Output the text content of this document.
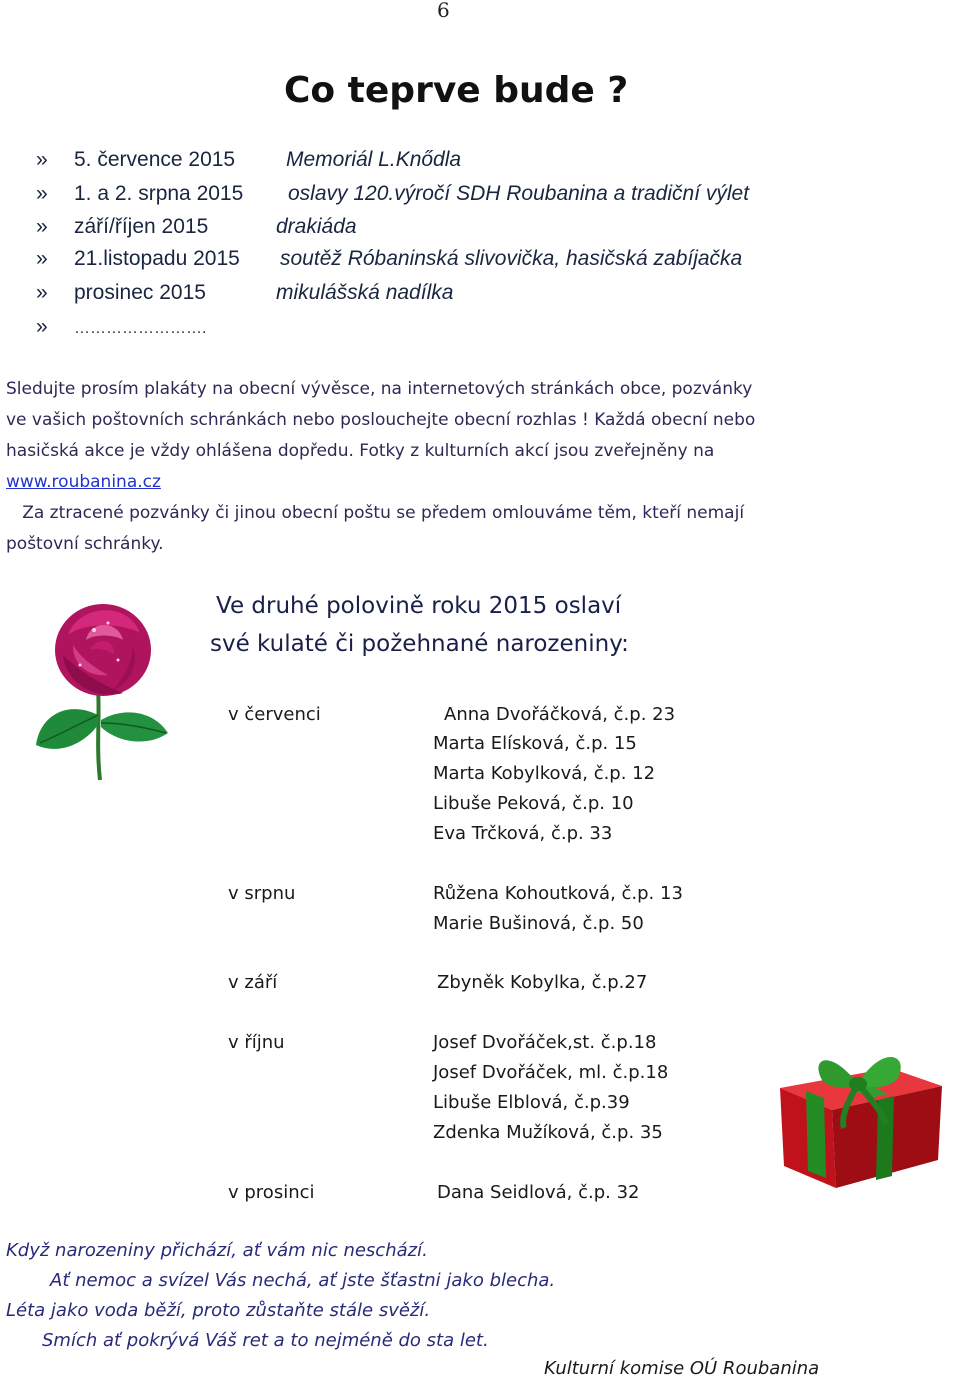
6
Co teprve bude ?
» 5. července 2015 Memoriál L.Knődla
» 1. a 2. srpna 2015 oslavy 120.výročí SDH Roubanina a tradiční výlet
» září/říjen 2015	drakiáda
» 21.listopadu 2015 soutěž Róbaninská slivovička, hasičská zabíjačka
» prosinec 2015	mikulášská nadílka
» …………………….
Sledujte prosím plakáty na obecní vývěsce, na internetových stránkách obce, pozvánky
ve vašich poštovních schránkách nebo poslouchejte obecní rozhlas ! Každá obecní nebo
hasičská akce je vždy ohlášena dopředu. Fotky z kulturních akcí jsou zveřejněny na
www.roubanina.cz
Za ztracené pozvánky či jinou obecní poštu se předem omlouváme těm, kteří nemají
poštovní schránky.
Ve druhé polovině roku 2015 oslaví
své kulaté či požehnané narozeniny:
v červenci	Anna Dvořáčková, č.p. 23
Marta Elísková, č.p. 15
Marta Kobylková, č.p. 12
Libuše Peková, č.p. 10
Eva Trčková, č.p. 33
v srpnu	Růžena Kohoutková, č.p. 13
Marie Bušinová, č.p. 50
v září	Zbyněk Kobylka, č.p.27
v říjnu	Josef Dvořáček,st. č.p.18
Josef Dvořáček, ml. č.p.18
Libuše Elblová, č.p.39
Zdenka Mužíková, č.p. 35
v prosinci	Dana Seidlová, č.p. 32
Když narozeniny přichází, ať vám nic neschází.
Ať nemoc a svízel Vás nechá, ať jste šťastni jako blecha.
Léta jako voda běží, proto zůstaňte stále svěží.
Smích ať pokrývá Váš ret a to nejméně do sta let.
Kulturní komise OÚ Roubanina
